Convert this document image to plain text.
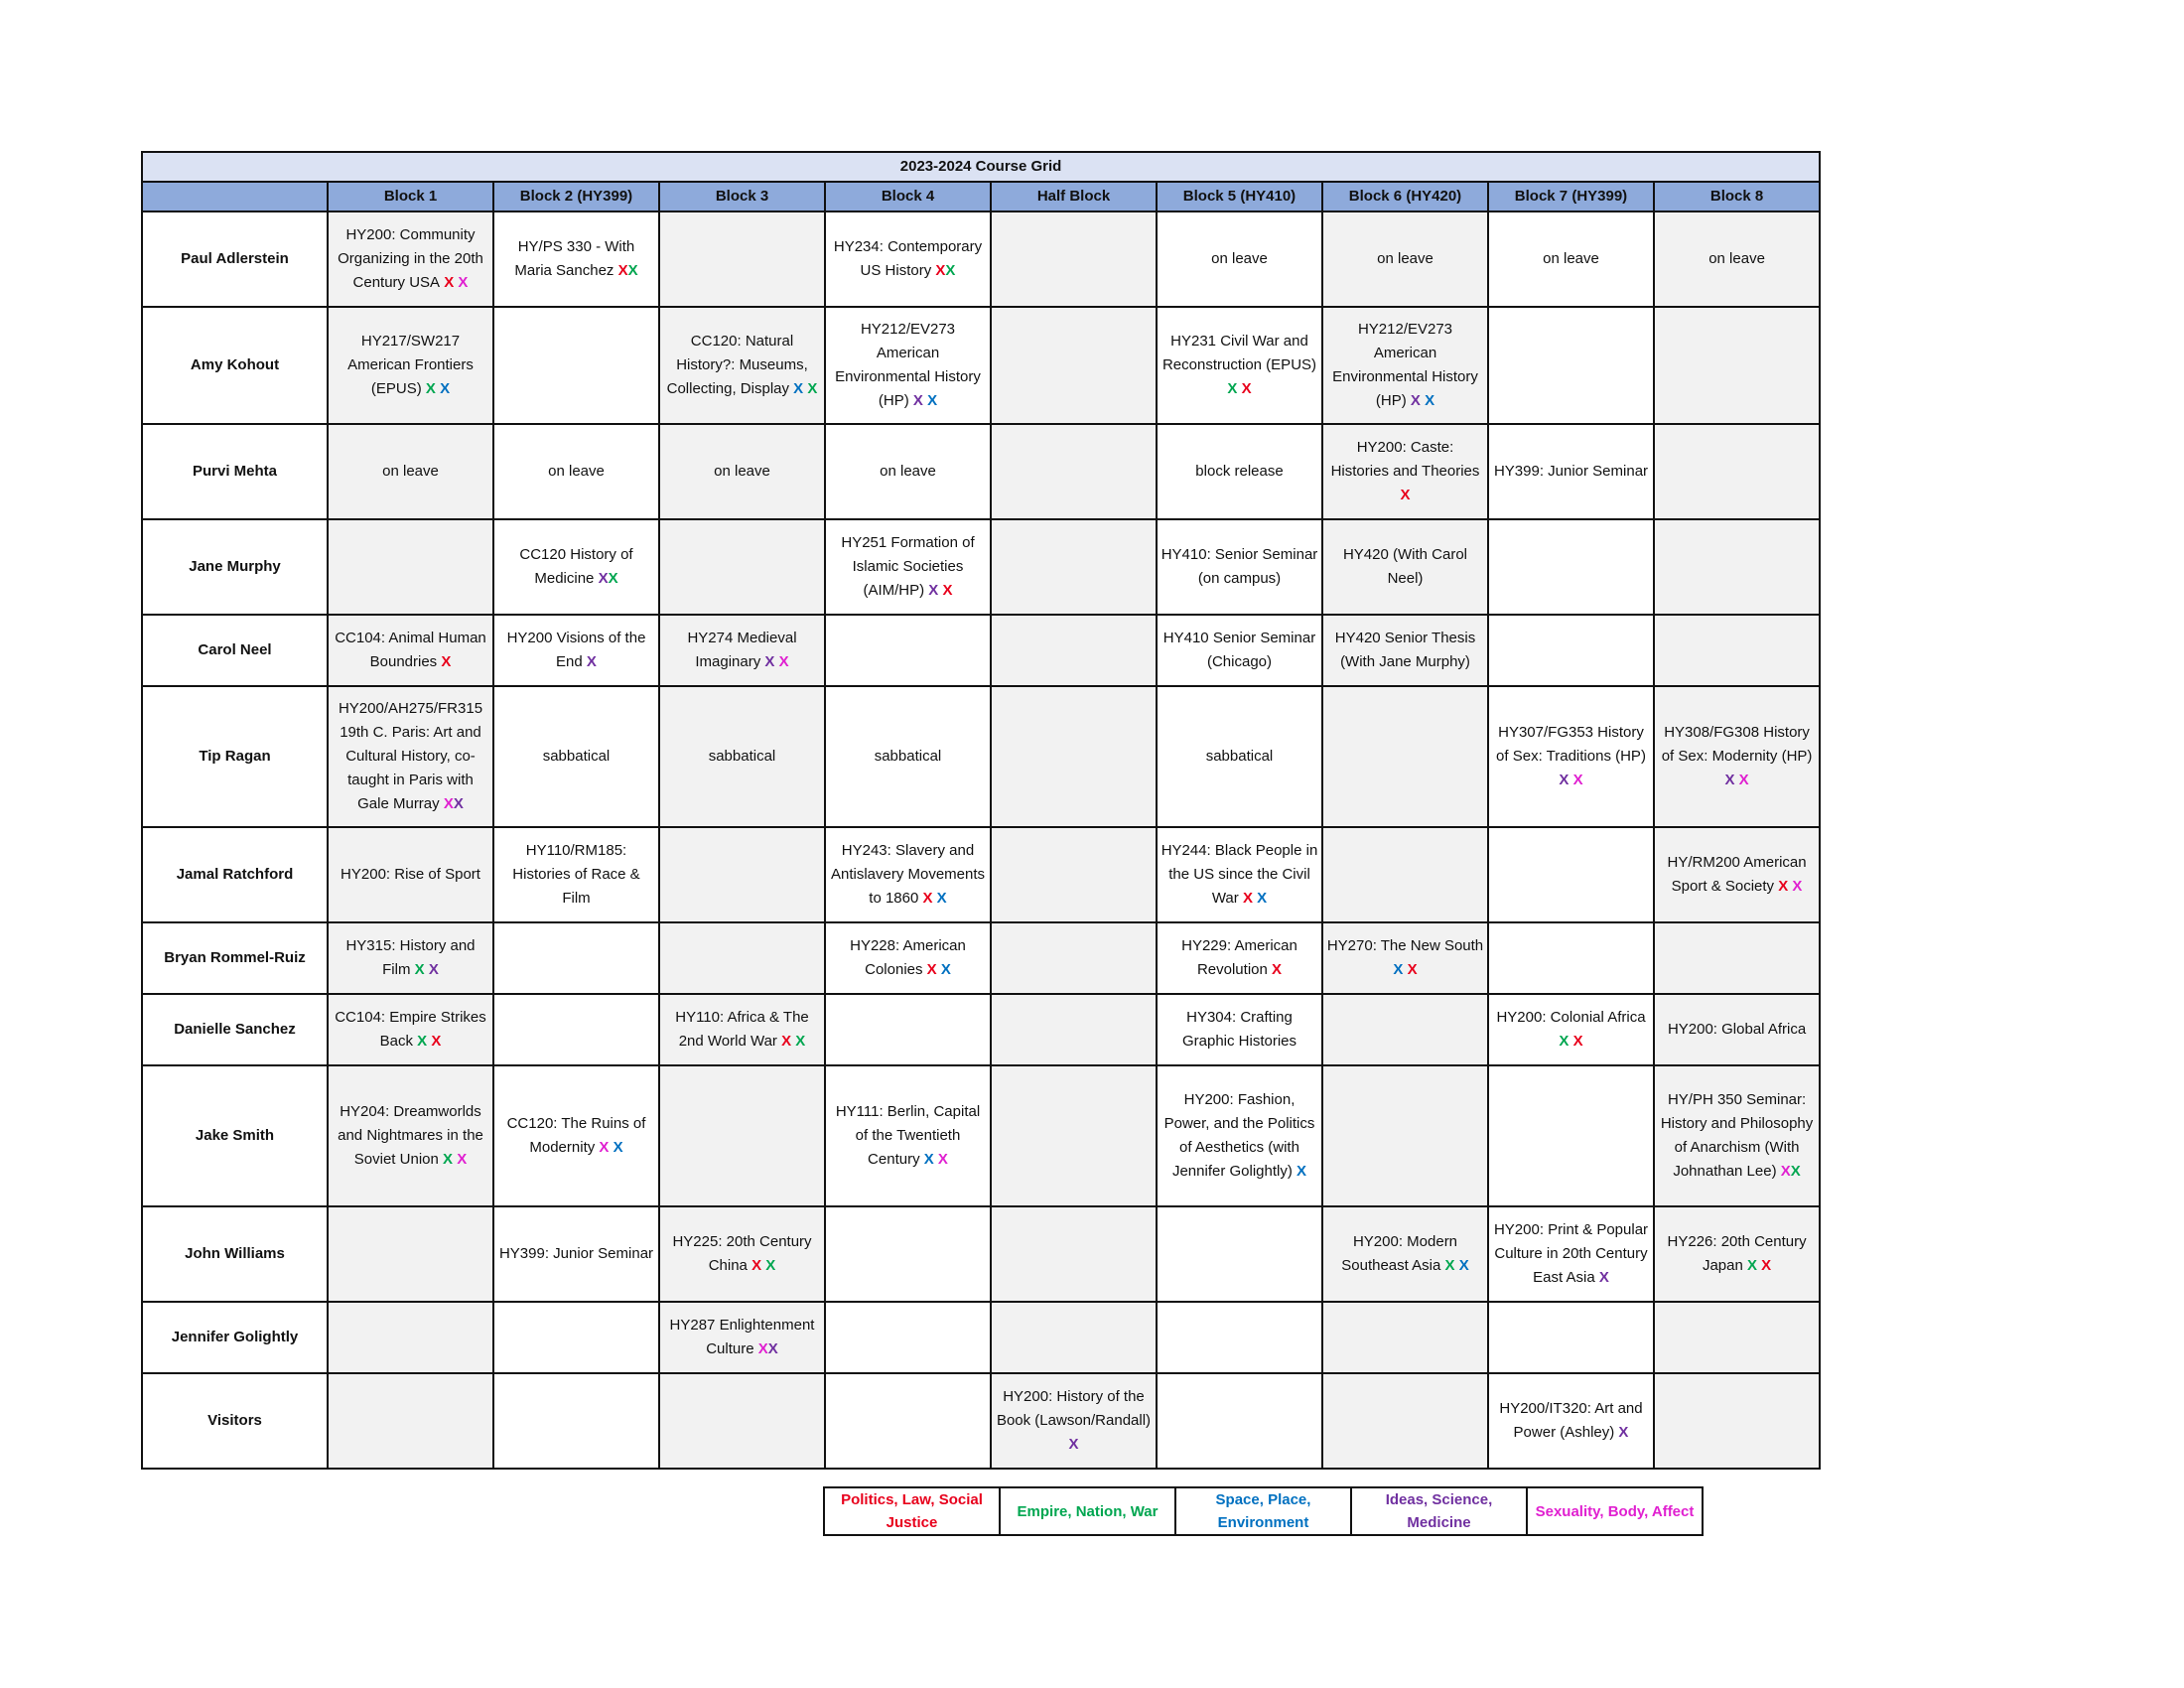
2023-2024 Course Grid									
	Block 1	Block 2 (HY399)	Block 3	Block 4	Half Block	Block 5 (HY410)	Block 6 (HY420)	Block 7 (HY399)	Block 8
Paul Adlerstein	HY200: Community Organizing in the 20th Century USA X X	HY/PS 330 - With Maria Sanchez XX		HY234: Contemporary US History XX		on leave	on leave	on leave	on leave
Amy Kohout	HY217/SW217 American Frontiers (EPUS) X X		CC120: Natural History?: Museums, Collecting, Display X X	HY212/EV273 American Environmental History (HP) X X		HY231 Civil War and Reconstruction (EPUS) X X	HY212/EV273 American Environmental History (HP) X X		
Purvi Mehta	on leave	on leave	on leave	on leave		block release	HY200: Caste: Histories and Theories X	HY399: Junior Seminar	
Jane Murphy		CC120 History of Medicine XX		HY251 Formation of Islamic Societies (AIM/HP) X X		HY410: Senior Seminar (on campus)	HY420 (With Carol Neel)		
Carol Neel	CC104: Animal Human Boundries X	HY200 Visions of the End X	HY274 Medieval Imaginary X X			HY410 Senior Seminar (Chicago)	HY420 Senior Thesis (With Jane Murphy)		
Tip Ragan	HY200/AH275/FR315 19th C. Paris: Art and Cultural History, co-taught in Paris with Gale Murray XX	sabbatical	sabbatical	sabbatical		sabbatical		HY307/FG353 History of Sex: Traditions (HP) X X	HY308/FG308 History of Sex: Modernity (HP) X X
Jamal Ratchford	HY200: Rise of Sport	HY110/RM185: Histories of Race & Film		HY243: Slavery and Antislavery Movements to 1860 X X		HY244: Black People in the US since the Civil War X X			HY/RM200 American Sport & Society X X
Bryan Rommel-Ruiz	HY315: History and Film X X			HY228: American Colonies X X		HY229: American Revolution X	HY270: The New South X X		
Danielle Sanchez	CC104: Empire Strikes Back X X		HY110: Africa & The 2nd World War X X			HY304: Crafting Graphic Histories		HY200: Colonial Africa X X	HY200: Global Africa
Jake Smith	HY204: Dreamworlds and Nightmares in the Soviet Union X X	CC120: The Ruins of Modernity X X		HY111: Berlin, Capital of the Twentieth Century X X		HY200: Fashion, Power, and the Politics of Aesthetics (with Jennifer Golightly) X			HY/PH 350 Seminar: History and Philosophy of Anarchism (With Johnathan Lee) XX
John Williams		HY399: Junior Seminar	HY225: 20th Century China X X				HY200: Modern Southeast Asia X X	HY200: Print & Popular Culture in 20th Century East Asia X	HY226: 20th Century Japan X X
Jennifer Golightly			HY287 Enlightenment Culture XX						
Visitors					HY200: History of the Book (Lawson/Randall) X			HY200/IT320: Art and Power (Ashley) X	
Politics, Law, Social Justice	Empire, Nation, War	Space, Place, Environment	Ideas, Science, Medicine	Sexuality, Body, Affect
